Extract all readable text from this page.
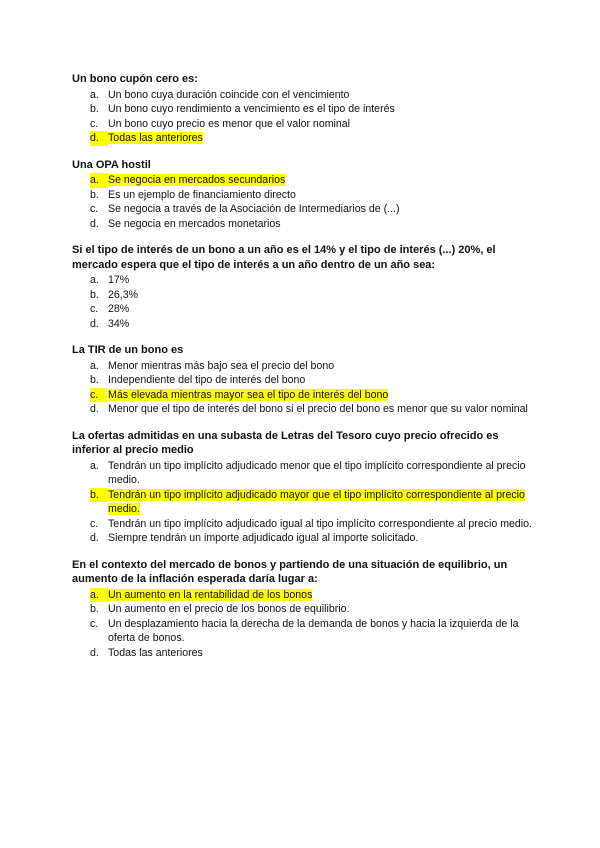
Un bono cupón cero es:
a. Un bono cuya duración coincide con el vencimiento
b. Un bono cuyo rendimiento a vencimiento es el tipo de interés
c. Un bono cuyo precio es menor que el valor nominal
d. Todas las anteriores
Una OPA hostil
a. Se negocia en mercados secundarios
b. Es un ejemplo de financiamiento directo
c. Se negocia a través de la Asociación de Intermediarios de (...)
d. Se negocia en mercados monetarios
Si el tipo de interés de un bono a un año es el 14% y el tipo de interés (...) 20%, el mercado espera que el tipo de interés a un año dentro de un año sea:
a. 17%
b. 26,3%
c. 28%
d. 34%
La TIR de un bono es
a. Menor mientras más bajo sea el precio del bono
b. Independiente del tipo de interés del bono
c. Más elevada mientras mayor sea el tipo de interés del bono
d. Menor que el tipo de interés del bono si el precio del bono es menor que su valor nominal
La ofertas admitidas en una subasta de Letras del Tesoro cuyo precio ofrecido es inferior al precio medio
a. Tendrán un tipo implícito adjudicado menor que el tipo implícito correspondiente al precio medio.
b. Tendrán un tipo implícito adjudicado mayor que el tipo implícito correspondiente al precio medio.
c. Tendrán un tipo implícito adjudicado igual al tipo implícito correspondiente al precio medio.
d. Siempre tendrán un importe adjudicado igual al importe solicitado.
En el contexto del mercado de bonos y partiendo de una situación de equilibrio, un aumento de la inflación esperada daría lugar a:
a. Un aumento en la rentabilidad de los bonos
b. Un aumento en el precio de los bonos de equilibrio.
c. Un desplazamiento hacia la derecha de la demanda de bonos y hacia la izquierda de la oferta de bonos.
d. Todas las anteriores
